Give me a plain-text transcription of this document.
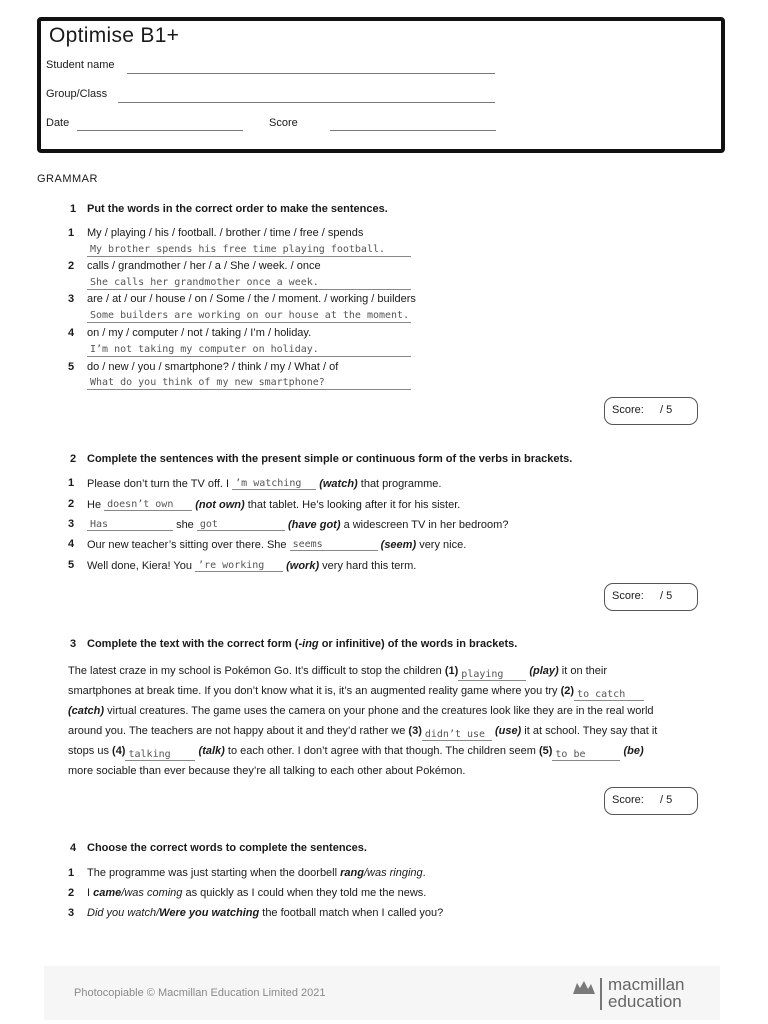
Optimise B1+
Student name
Group/Class
Date	Score
GRAMMAR
1 Put the words in the correct order to make the sentences.
1 My / playing / his / football. / brother / time / free / spends
My brother spends his free time playing football.
2 calls / grandmother / her / a / She / week. / once
She calls her grandmother once a week.
3 are / at / our / house / on / Some / the / moment. / working / builders
Some builders are working on our house at the moment.
4 on / my / computer / not / taking / I’m / holiday.
I’m not taking my computer on holiday.
5 do / new / you / smartphone? / think / my / What / of
What do you think of my new smartphone?
Score: / 5
2 Complete the sentences with the present simple or continuous form of the verbs in brackets.
1 Please don’t turn the TV off. I ’m watching (watch) that programme.
2 He doesn’t own (not own) that tablet. He’s looking after it for his sister.
3	Has	she got	(have got) a widescreen TV in her bedroom?
4 Our new teacher’s sitting over there. She seems	(seem) very nice.
5 Well done, Kiera! You ’re working (work) very hard this term.
Score: / 5
3 Complete the text with the correct form (-ing or infinitive) of the words in brackets.
The latest craze in my school is Pokémon Go. It’s difficult to stop the children (1) playing (play) it on their
smartphones at break time. If you don’t know what it is, it’s an augmented reality game where you try (2) to catch
(catch) virtual creatures. The game uses the camera on your phone and the creatures look like they are in the real world
around you. The teachers are not happy about it and they’d rather we (3) didn’t use (use) it at school. They say that it
stops us (4) talking	(talk) to each other. I don’t agree with that though. The children seem (5) to be	(be)
more sociable than ever because they’re all talking to each other about Pokémon.
Score: / 5
4 Choose the correct words to complete the sentences.
1 The programme was just starting when the doorbell rang/was ringing.
2 I came/was coming as quickly as I could when they told me the news.
3 Did you watch/Were you watching the football match when I called you?
Photocopiable © Macmillan Education Limited 2021	macmillan
education
